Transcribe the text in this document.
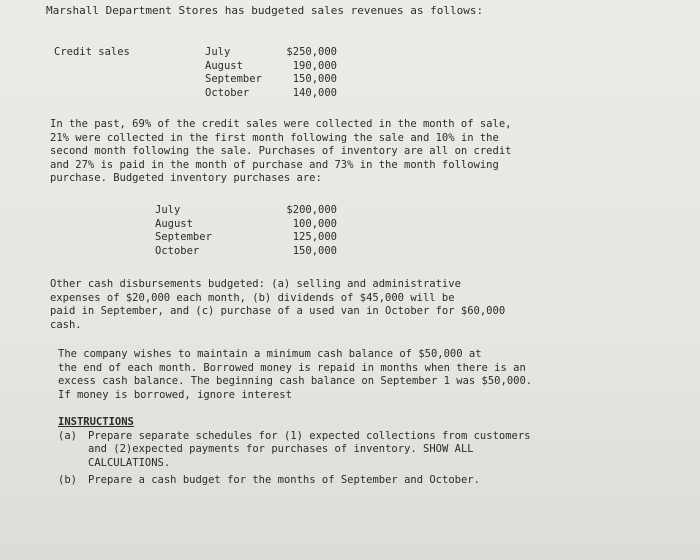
Marshall Department Stores has budgeted sales revenues as follows:
Credit sales	July	$250,000
August	190,000
September	150,000
October	140,000
In the past, 69% of the credit sales were collected in the month of sale,
21% were collected in the first month following the sale and 10% in the
second month following the sale. Purchases of inventory are all on credit
and 27% is paid in the month of purchase and 73% in the month following
purchase. Budgeted inventory purchases are:
July	$200,000
August	100,000
September	125,000
October	150,000
Other cash disbursements budgeted: (a) selling and administrative
expenses of $20,000 each month, (b) dividends of $45,000 will be
paid in September, and (c) purchase of a used van in October for $60,000
cash.
The company wishes to maintain a minimum cash balance of $50,000 at
the end of each month. Borrowed money is repaid in months when there is an
excess cash balance. The beginning cash balance on September 1 was $50,000.
If money is borrowed, ignore interest
INSTRUCTIONS
(a)	Prepare separate schedules for (1) expected collections from customers
and (2)expected payments for purchases of inventory. SHOW ALL
CALCULATIONS.
(b)	Prepare a cash budget for the months of September and October.
